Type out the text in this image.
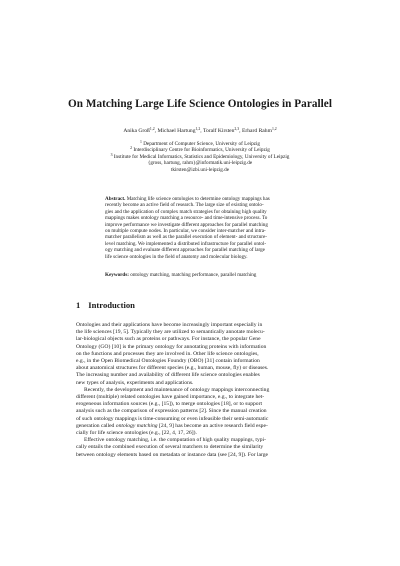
On Matching Large Life Science Ontologies in Parallel
Anika Groß$^{1,2}$, Michael Hartung$^{1,2}$, Toralf Kirsten$^{2,3}$, Erhard Rahm$^{1,2}$
$^1$ Department of Computer Science, University of Leipzig
$^2$ Interdisciplinary Centre for Bioinformatics, University of Leipzig
$^3$ Institute for Medical Informatics, Statistics and Epidemiology, University of Leipzig
{gross, hartung, rahm}@informatik.uni-leipzig.de
tkirsten@izbi.uni-leipzig.de
Abstract. Matching life science ontologies to determine ontology mappings has
recently become an active field of research. The large size of existing ontolo-
gies and the application of complex match strategies for obtaining high quality
mappings makes ontology matching a resource- and time-intensive process. To
improve performance we investigate different approaches for parallel matching
on multiple compute nodes. In particular, we consider inter-matcher and intra-
matcher parallelism as well as the parallel execution of element- and structure-
level matching. We implemented a distributed infrastructure for parallel ontol-
ogy matching and evaluate different approaches for parallel matching of large
life science ontologies in the field of anatomy and molecular biology.
Keywords: ontology matching, matching performance, parallel matching
1 Introduction
Ontologies and their applications have become increasingly important especially in
the life sciences [19, 5]. Typically they are utilized to semantically annotate molecu-
lar-biological objects such as proteins or pathways. For instance, the popular Gene
Ontology (GO) [10] is the primary ontology for annotating proteins with information
on the functions and processes they are involved in. Other life science ontologies,
e.g., in the Open Biomedical Ontologies Foundry (OBO) [31] contain information
about anatomical structures for different species (e.g., human, mouse, fly) or diseases.
The increasing number and availability of different life science ontologies enables
new types of analysis, experiments and applications.
Recently, the development and maintenance of ontology mappings interconnecting
different (multiple) related ontologies have gained importance, e.g., to integrate het-
erogeneous information sources (e.g., [15]), to merge ontologies [18], or to support
analysis such as the comparison of expression patterns [2]. Since the manual creation
of such ontology mappings is time-consuming or even infeasible their semi-automatic
generation called ontology matching [24, 9] has become an active research field espe-
cially for life science ontologies (e.g., [22, 4, 17, 26]).
Effective ontology matching, i.e. the computation of high quality mappings, typi-
cally entails the combined execution of several matchers to determine the similarity
between ontology elements based on metadata or instance data (see [24, 9]). For large
